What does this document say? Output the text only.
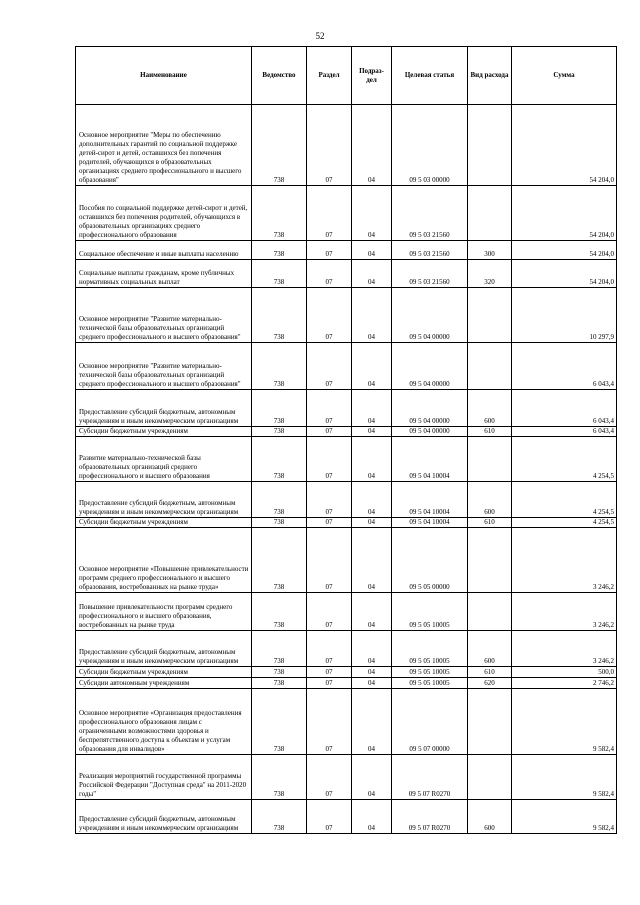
52
Наименование	Ведомство	Раздел	Подраз-дел	Целевая статья	Вид расхода	Сумма
Основное мероприятие "Меры по обеспечению дополнительных гарантий по социальной поддержке детей-сирот и детей, оставшихся без попечения родителей, обучающихся в образовательных организациях среднего профессионального и высшего образования"	738	07	04	09 5 03 00000		54 204,0
Пособия по социальной поддержке детей-сирот и детей, оставшихся без попечения родителей, обучающихся в образовательных организациях среднего профессионального образования	738	07	04	09 5 03 21560		54 204,0
Социальное обеспечение и иные выплаты населению	738	07	04	09 5 03 21560	300	54 204,0
Социальные выплаты гражданам, кроме публичных нормативных социальных выплат	738	07	04	09 5 03 21560	320	54 204,0
Основное мероприятие "Развитие материально-технической базы образовательных организаций среднего профессионального и высшего образования"	738	07	04	09 5 04 00000		10 297,9
Основное мероприятие "Развитие материально-технической базы образовательных организаций среднего профессионального и высшего образования"	738	07	04	09 5 04 00000		6 043,4
Предоставление субсидий бюджетным, автономным учреждениям и иным некоммерческим организациям	738	07	04	09 5 04 00000	600	6 043,4
Субсидии бюджетным учреждениям	738	07	04	09 5 04 00000	610	6 043,4
Развитие материально-технической базы образовательных организаций среднего профессионального и высшего образования	738	07	04	09 5 04 10004		4 254,5
Предоставление субсидий бюджетным, автономным учреждениям и иным некоммерческим организациям	738	07	04	09 5 04 10004	600	4 254,5
Субсидии бюджетным учреждениям	738	07	04	09 5 04 10004	610	4 254,5
Основное мероприятие «Повышение привлекательности программ среднего профессионального и высшего образования, востребованных на рынке труда»	738	07	04	09 5 05 00000		3 246,2
Повышение привлекательности программ среднего профессионального и высшего образования, востребованных на рынке труда	738	07	04	09 5 05 10005		3 246,2
Предоставление субсидий бюджетным, автономным учреждениям и иным некоммерческим организациям	738	07	04	09 5 05 10005	600	3 246,2
Субсидии бюджетным учреждениям	738	07	04	09 5 05 10005	610	500,0
Субсидии автономным учреждениям	738	07	04	09 5 05 10005	620	2 746,2
Основное мероприятие «Организация предоставления профессионального образования лицам с ограниченными возможностями здоровья и беспрепятственного доступа к объектам и услугам образования для инвалидов»	738	07	04	09 5 07 00000		9 582,4
Реализация мероприятий государственной программы Российской Федерации "Доступная среда" на 2011-2020 годы"	738	07	04	09 5 07 R0270		9 582,4
Предоставление субсидий бюджетным, автономным учреждениям и иным некоммерческим организациям	738	07	04	09 5 07 R0270	600	9 582,4
